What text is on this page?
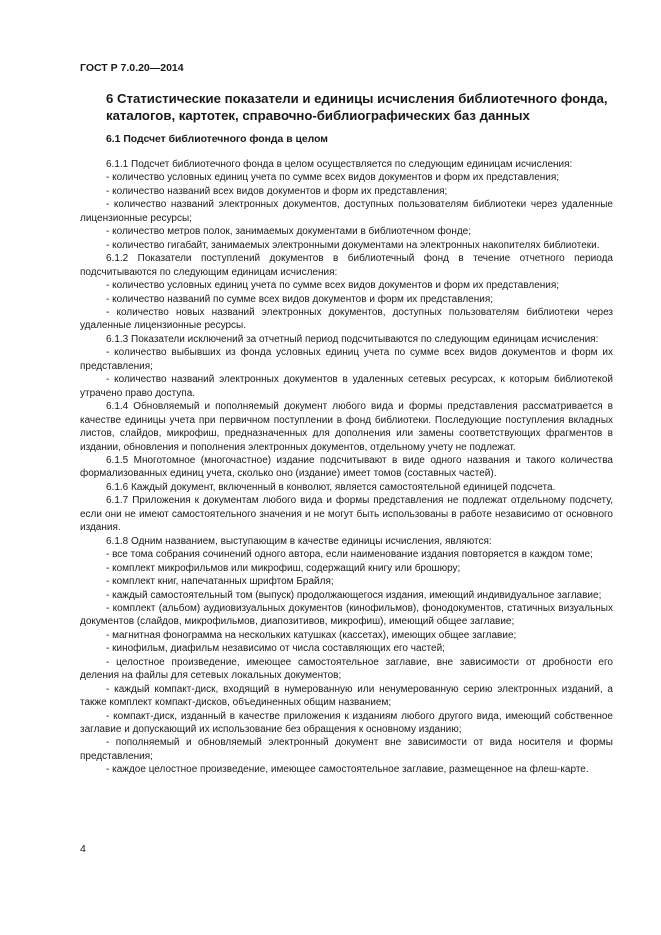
ГОСТ Р 7.0.20—2014
6 Статистические показатели и единицы исчисления библиотечного фонда, каталогов, картотек, справочно-библиографических баз данных
6.1 Подсчет библиотечного фонда в целом

6.1.1 Подсчет библиотечного фонда в целом осуществляется по следующим единицам исчисления:

- количество условных единиц учета по сумме всех видов документов и форм их представления;

- количество названий всех видов документов и форм их представления;

- количество названий электронных документов, доступных пользователям библиотеки через удаленные лицензионные ресурсы;

- количество метров полок, занимаемых документами в библиотечном фонде;

- количество гигабайт, занимаемых электронными документами на электронных накопителях библиотеки.

6.1.2 Показатели поступлений документов в библиотечный фонд в течение отчетного периода подсчитываются по следующим единицам исчисления:

- количество условных единиц учета по сумме всех видов документов и форм их представления;

- количество названий по сумме всех видов документов и форм их представления;

- количество новых названий электронных документов, доступных пользователям библиотеки через удаленные лицензионные ресурсы.

6.1.3 Показатели исключений за отчетный период подсчитываются по следующим единицам исчисления:

- количество выбывших из фонда условных единиц учета по сумме всех видов документов и форм их представления;

- количество названий электронных документов в удаленных сетевых ресурсах, к которым библиотекой утрачено право доступа.

6.1.4 Обновляемый и пополняемый документ любого вида и формы представления рассматривается в качестве единицы учета при первичном поступлении в фонд библиотеки. Последующие поступления вкладных листов, слайдов, микрофиш, предназначенных для дополнения или замены соответствующих фрагментов в издании, обновления и пополнения электронных документов, отдельному учету не подлежат.

6.1.5 Многотомное (многочастное) издание подсчитывают в виде одного названия и такого количества формализованных единиц учета, сколько оно (издание) имеет томов (составных частей).

6.1.6 Каждый документ, включенный в конволют, является самостоятельной единицей подсчета.

6.1.7 Приложения к документам любого вида и формы представления не подлежат отдельному подсчету, если они не имеют самостоятельного значения и не могут быть использованы в работе независимо от основного издания.

6.1.8 Одним названием, выступающим в качестве единицы исчисления, являются:

- все тома собрания сочинений одного автора, если наименование издания повторяется в каждом томе;

- комплект микрофильмов или микрофиш, содержащий книгу или брошюру;

- комплект книг, напечатанных шрифтом Брайля;

- каждый самостоятельный том (выпуск) продолжающегося издания, имеющий индивидуальное заглавие;

- комплект (альбом) аудиовизуальных документов (кинофильмов), фонодокументов, статичных визуальных документов (слайдов, микрофильмов, диапозитивов, микрофиш), имеющий общее заглавие;

- магнитная фонограмма на нескольких катушках (кассетах), имеющих общее заглавие;

- кинофильм, диафильм независимо от числа составляющих его частей;

- целостное произведение, имеющее самостоятельное заглавие, вне зависимости от дробности его деления на файлы для сетевых локальных документов;

- каждый компакт-диск, входящий в нумерованную или ненумерованную серию электронных изданий, а также комплект компакт-дисков, объединенных общим названием;

- компакт-диск, изданный в качестве приложения к изданиям любого другого вида, имеющий собственное заглавие и допускающий их использование без обращения к основному изданию;

- пополняемый и обновляемый электронный документ вне зависимости от вида носителя и формы представления;

- каждое целостное произведение, имеющее самостоятельное заглавие, размещенное на флеш-карте.

4
